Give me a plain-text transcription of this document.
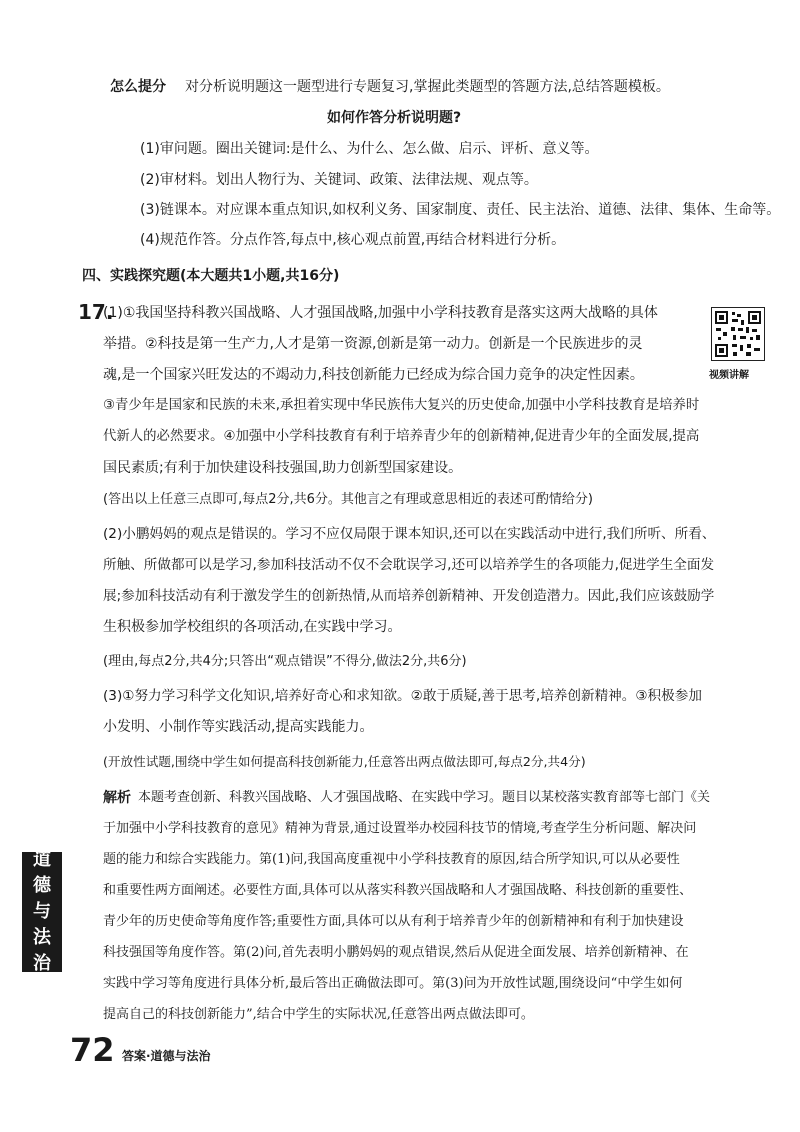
怎么提分 对分析说明题这一题型进行专题复习,掌握此类题型的答题方法,总结答题模板。
如何作答分析说明题?
(1)审问题。圈出关键词:是什么、为什么、怎么做、启示、评析、意义等。
(2)审材料。划出人物行为、关键词、政策、法律法规、观点等。
(3)链课本。对应课本重点知识,如权利义务、国家制度、责任、民主法治、道德、法律、集体、生命等。
(4)规范作答。分点作答,每点中,核心观点前置,再结合材料进行分析。
四、实践探究题(本大题共1小题,共16分)
17.
(1)①我国坚持科教兴国战略、人才强国战略,加强中小学科技教育是落实这两大战略的具体
举措。②科技是第一生产力,人才是第一资源,创新是第一动力。创新是一个民族进步的灵
魂,是一个国家兴旺发达的不竭动力,科技创新能力已经成为综合国力竞争的决定性因素。
③青少年是国家和民族的未来,承担着实现中华民族伟大复兴的历史使命,加强中小学科技教育是培养时
代新人的必然要求。④加强中小学科技教育有利于培养青少年的创新精神,促进青少年的全面发展,提高
国民素质;有利于加快建设科技强国,助力创新型国家建设。
(答出以上任意三点即可,每点2分,共6分。其他言之有理或意思相近的表述可酌情给分)
(2)小鹏妈妈的观点是错误的。学习不应仅局限于课本知识,还可以在实践活动中进行,我们所听、所看、
所触、所做都可以是学习,参加科技活动不仅不会耽误学习,还可以培养学生的各项能力,促进学生全面发
展;参加科技活动有利于激发学生的创新热情,从而培养创新精神、开发创造潜力。因此,我们应该鼓励学
生积极参加学校组织的各项活动,在实践中学习。
(理由,每点2分,共4分;只答出“观点错误”不得分,做法2分,共6分)
(3)①努力学习科学文化知识,培养好奇心和求知欲。②敢于质疑,善于思考,培养创新精神。③积极参加
小发明、小制作等实践活动,提高实践能力。
(开放性试题,围绕中学生如何提高科技创新能力,任意答出两点做法即可,每点2分,共4分)
视频讲解
解析 本题考查创新、科教兴国战略、人才强国战略、在实践中学习。题目以某校落实教育部等七部门《关
于加强中小学科技教育的意见》精神为背景,通过设置举办校园科技节的情境,考查学生分析问题、解决问
题的能力和综合实践能力。第(1)问,我国高度重视中小学科技教育的原因,结合所学知识,可以从必要性
和重要性两方面阐述。必要性方面,具体可以从落实科教兴国战略和人才强国战略、科技创新的重要性、
青少年的历史使命等角度作答;重要性方面,具体可以从有利于培养青少年的创新精神和有利于加快建设
科技强国等角度作答。第(2)问,首先表明小鹏妈妈的观点错误,然后从促进全面发展、培养创新精神、在
实践中学习等角度进行具体分析,最后答出正确做法即可。第(3)问为开放性试题,围绕设问“中学生如何
提高自己的科技创新能力”,结合中学生的实际状况,任意答出两点做法即可。
道
德
与
法
治
72 答案·道德与法治
